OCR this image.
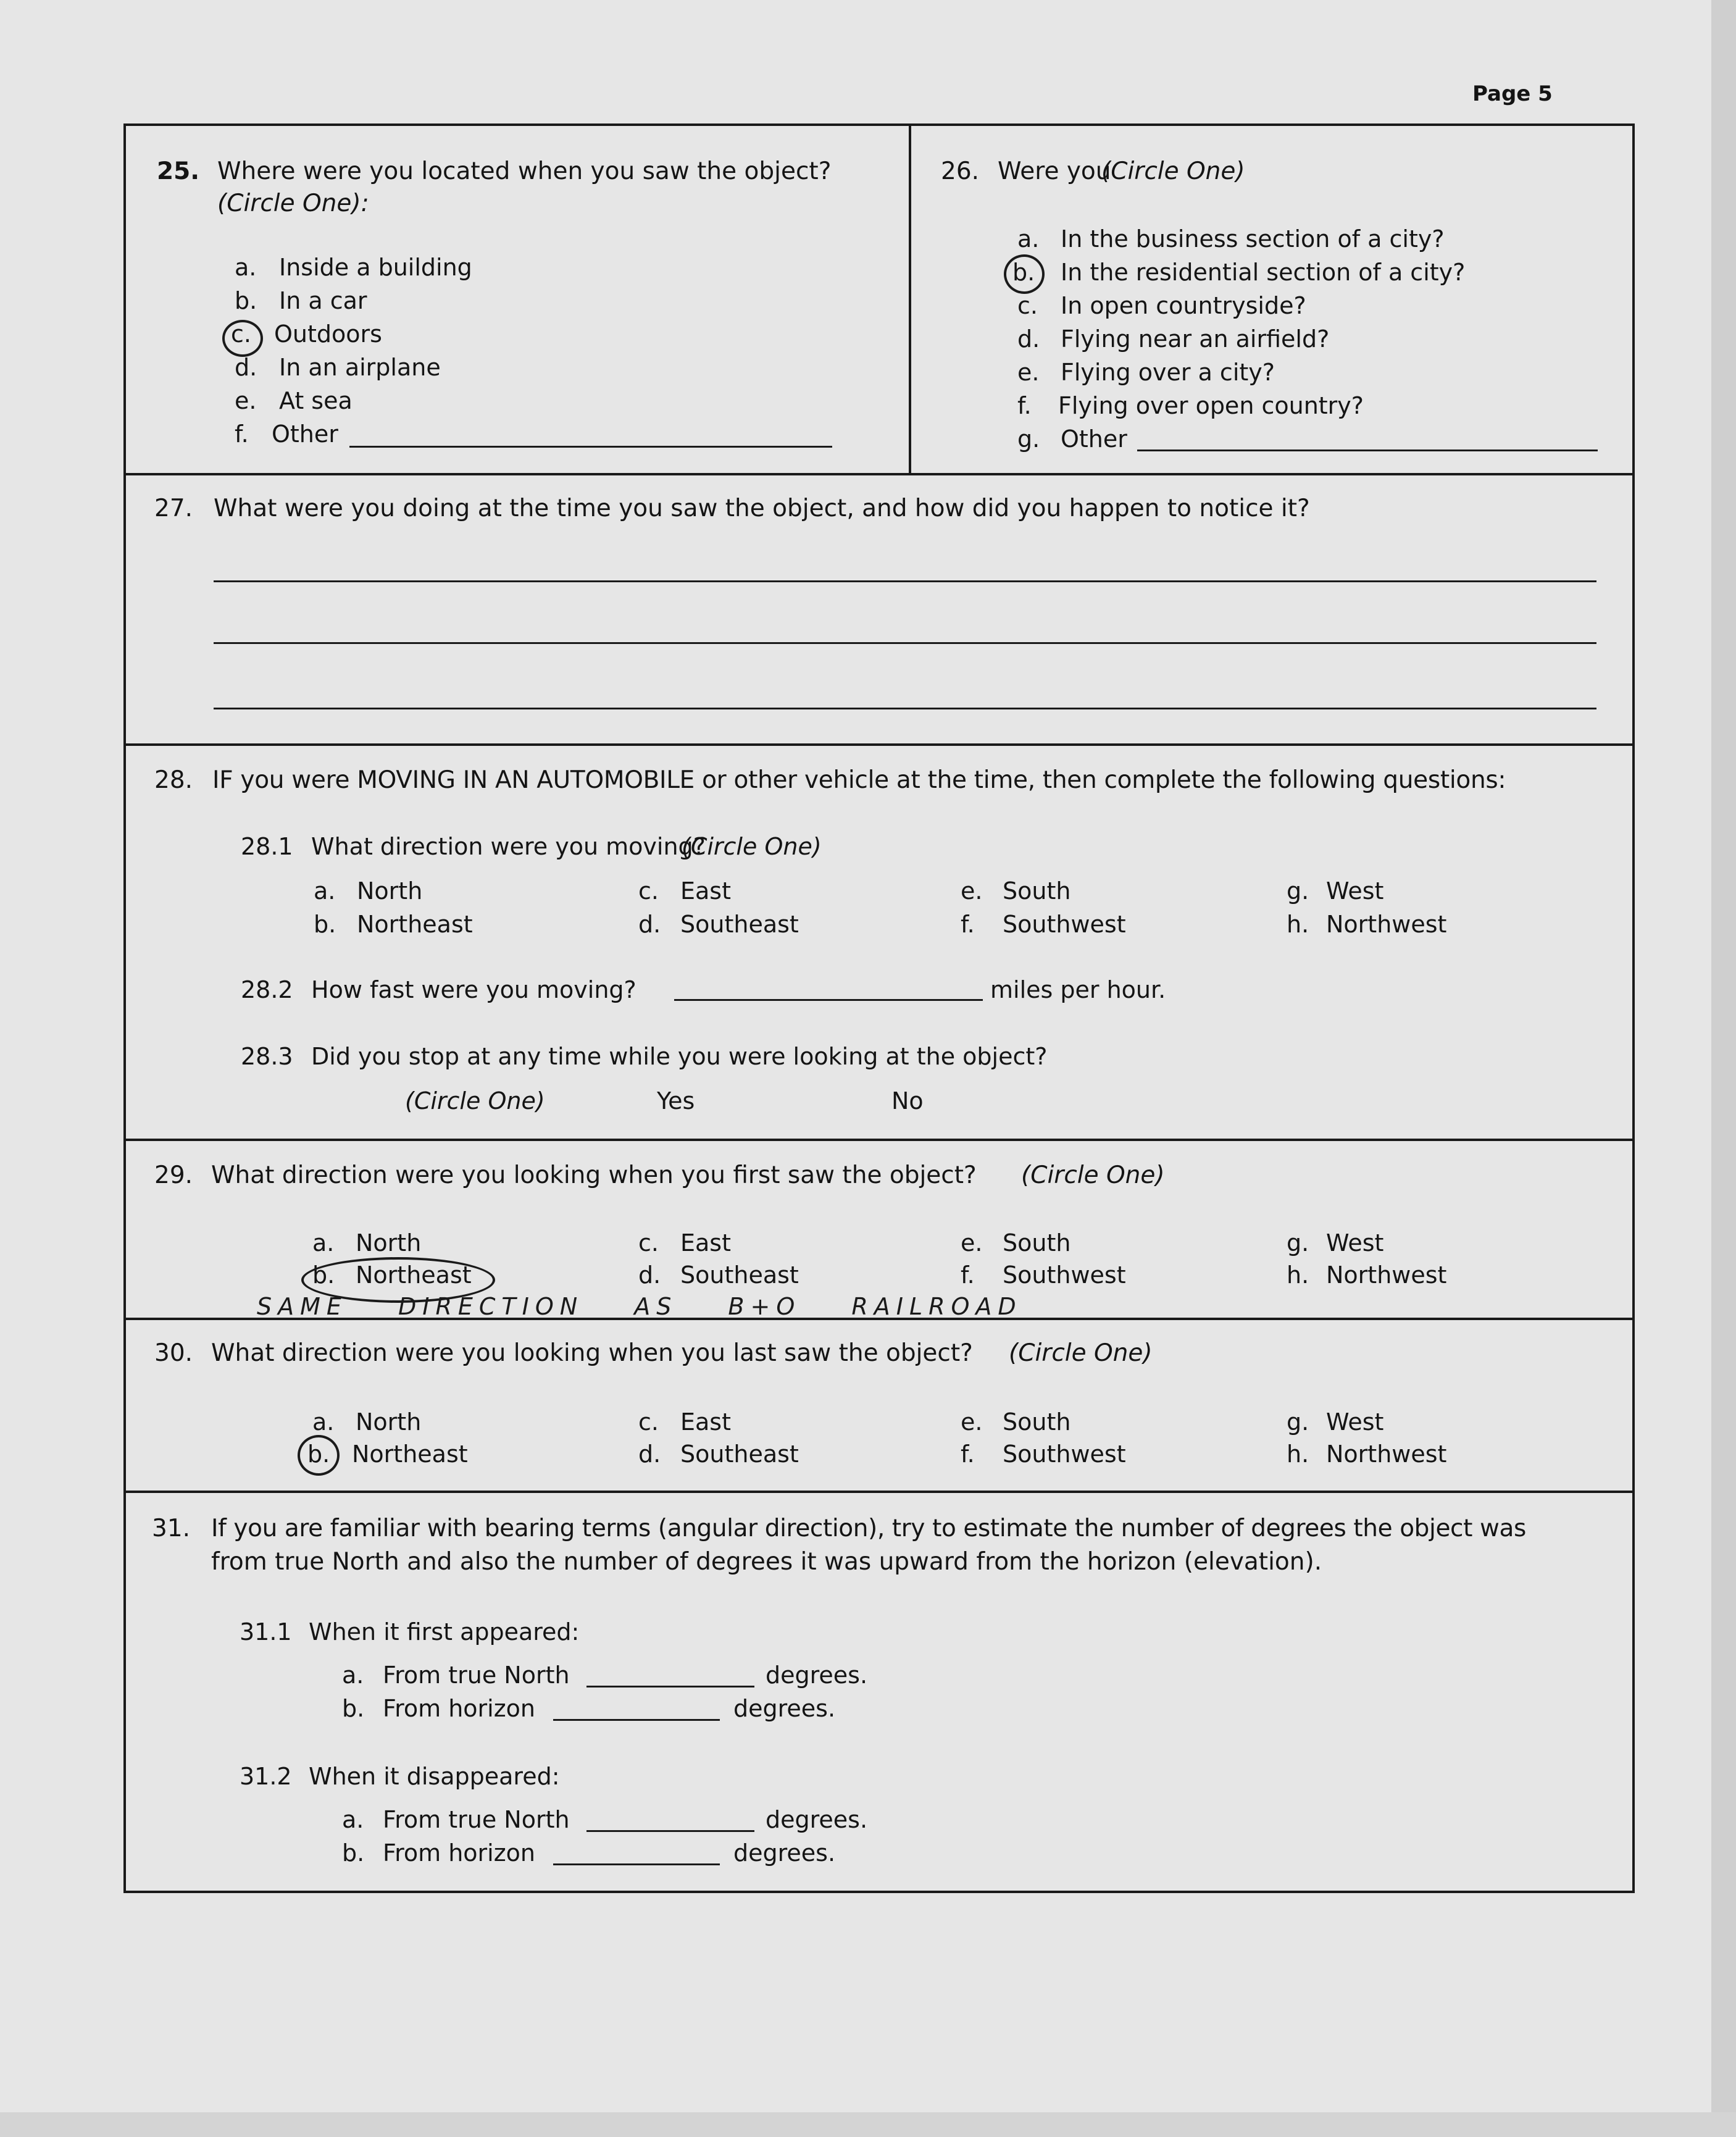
Page 5
25. Where were you located when you saw the object?
(Circle One):
a. Inside a building
b. In a car
c. Outdoors
d. In an airplane
e. At sea
f. Other
26. Were you
(Circle One)
a. In the business section of a city?
b. In the residential section of a city?
c. In open countryside?
d. Flying near an airfield?
e. Flying over a city?
f. Flying over open country?
g. Other
27. What were you doing at the time you saw the object, and how did you happen to notice it?
28. IF you were MOVING IN AN AUTOMOBILE or other vehicle at the time, then complete the following questions:
28.1 What direction were you moving?
(Circle One)
a. North
b. Northeast
c. East
d. Southeast
e. South
f. Southwest
g. West
h. Northwest
28.2 How fast were you moving?	miles per hour.
28.3 Did you stop at any time while you were looking at the object?
(Circle One)	Yes	No
29. What direction were you looking when you first saw the object? (Circle One)
a. North
b. Northeast
c. East
d. Southeast
e. South
f. Southwest
g. West
h. Northwest
SAME DIRECTION AS B+O RAILROAD
30. What direction were you looking when you last saw the object? (Circle One)
a. North
b. Northeast
c. East
d. Southeast
e. South
f. Southwest
g. West
h. Northwest
31. If you are familiar with bearing terms (angular direction), try to estimate the number of degrees the object was
from true North and also the number of degrees it was upward from the horizon (elevation).
31.1 When it first appeared:
a. From true North	degrees.
b. From horizon	degrees.
31.2 When it disappeared:
a. From true North	degrees.
b. From horizon	degrees.
